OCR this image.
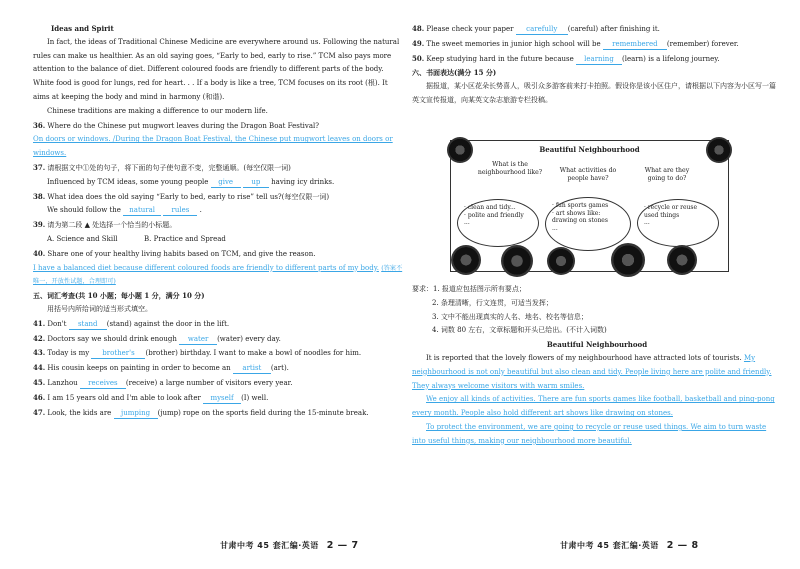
Ideas and Spirit

In fact, the ideas of Traditional Chinese Medicine are everywhere around us. Following the natural rules can make us healthier. As an old saying goes, “Early to bed, early to rise.” TCM also pays more attention to the balance of diet. Different coloured foods are friendly to different parts of the body. White food is good for lungs, red for heart. . . If a body is like a tree, TCM focuses on its root (根). It aims at keeping the body and mind in harmony (和谐).

Chinese traditions are making a difference to our modern life.

36. Where do the Chinese put mugwort leaves during the Dragon Boat Festival?

On doors or windows. /During the Dragon Boat Festival, the Chinese put mugwort leaves on doors or windows.

37. 请根据文中①处的句子，将下面的句子使句意不变，完整通顺。(每空仅限一词)

Influenced by TCM ideas, some young people give	up having icy drinks.

38. What idea does the old saying “Early to bed, early to rise” tell us?(每空仅限一词)

We should follow the natural rules .

39. 请为第二段 ▲ 处选择一个恰当的小标题。

A. Science and Skill	B. Practice and Spread

40. Share one of your healthy living habits based on TCM, and give the reason.

I have a balanced diet because different coloured foods are friendly to different parts of my body. (答案不唯一，开放性试题，合理即可)

五、词汇考查(共 10 小题；每小题 1 分，满分 10 分)

用括号内所给词的适当形式填空。

41. Don't stand (stand) against the door in the lift.

42. Doctors say we should drink enough water (water) every day.

43. Today is my brother's (brother) birthday. I want to make a bowl of noodles for him.

44. His cousin keeps on painting in order to become an artist (art).

45. Lanzhou receives (receive) a large number of visitors every year.

46. I am 15 years old and I'm able to look after myself (I) well.

47. Look, the kids are jumping (jump) rope on the sports field during the 15-minute break.

48. Please check your paper carefully (careful) after finishing it.

49. The sweet memories in junior high school will be remembered (remember) forever.

50. Keep studying hard in the future because learning (learn) is a lifelong journey.

六、书面表达(满分 15 分)

据报道，某小区花朵长势喜人，吸引众多游客前来打卡拍照。假设你是该小区住户，请根据以下内容为小区写一篇英文宣传报道，向某英文杂志旅游专栏投稿。

Beautiful Neighbourhood
What is the neighbourhood like?	What activities do people have?
What are they going to do?
· clean and tidy...
· polite and friendly
...
· fun sports games
· art shows like:
drawing on stones
...
· recycle or reuse
used things
...

要求：1. 报道应包括图示所有要点；

2. 条理清晰，行文连贯，可适当发挥；

3. 文中不能出现真实的人名、地名、校名等信息；

4. 词数 80 左右，文章标题和开头已给出。(不计入词数)

Beautiful Neighbourhood

It is reported that the lovely flowers of my neighbourhood have attracted lots of tourists. My neighbourhood is not only beautiful but also clean and tidy. People living here are polite and friendly. They always welcome visitors with warm smiles.

We enjoy all kinds of activities. There are fun sports games like football, basketball and ping-pong every month. People also hold different art shows like drawing on stones.

To protect the environment, we are going to recycle or reuse used things. We aim to turn waste into useful things, making our neighbourhood more beautiful.

甘肃中考 45 套汇编·英语 2 — 7	甘肃中考 45 套汇编·英语 2 — 8
